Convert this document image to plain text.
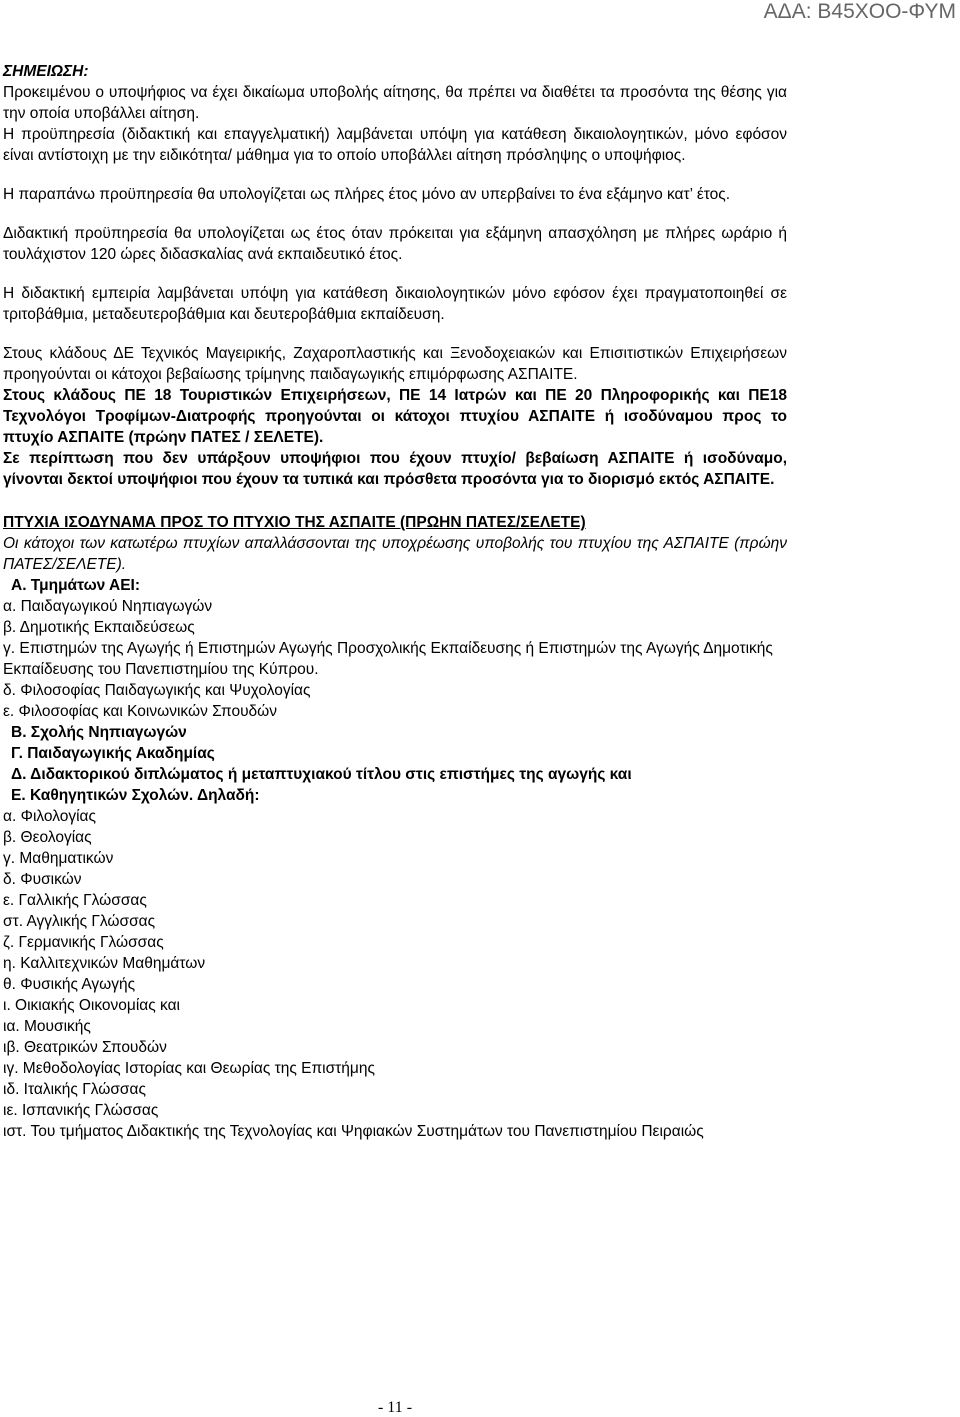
ΑΔΑ: Β45ΧΟΟ-ΦΥΜ

ΣΗΜΕΙΩΣΗ:

Προκειμένου ο υποψήφιος να έχει δικαίωμα υποβολής αίτησης, θα πρέπει να διαθέτει τα προσόντα της θέσης για την οποία υποβάλλει αίτηση.

Η προϋπηρεσία (διδακτική και επαγγελματική) λαμβάνεται υπόψη για κατάθεση δικαιολογητικών, μόνο εφόσον είναι αντίστοιχη με την ειδικότητα/ μάθημα για το οποίο υποβάλλει αίτηση πρόσληψης ο υποψήφιος.

Η παραπάνω προϋπηρεσία θα υπολογίζεται ως πλήρες έτος μόνο αν υπερβαίνει το ένα εξάμηνο κατ’ έτος.

Διδακτική προϋπηρεσία θα υπολογίζεται ως έτος όταν πρόκειται για εξάμηνη απασχόληση με πλήρες ωράριο ή τουλάχιστον 120 ώρες διδασκαλίας ανά εκπαιδευτικό έτος.

Η διδακτική εμπειρία λαμβάνεται υπόψη για κατάθεση δικαιολογητικών μόνο εφόσον έχει πραγματοποιηθεί σε τριτοβάθμια, μεταδευτεροβάθμια και δευτεροβάθμια εκπαίδευση.

Στους κλάδους ΔΕ Τεχνικός Μαγειρικής, Ζαχαροπλαστικής και Ξενοδοχειακών και Επισιτιστικών Επιχειρήσεων προηγούνται οι κάτοχοι βεβαίωσης τρίμηνης παιδαγωγικής επιμόρφωσης ΑΣΠΑΙΤΕ.

Στους κλάδους ΠΕ 18 Τουριστικών Επιχειρήσεων, ΠΕ 14 Ιατρών και ΠΕ 20 Πληροφορικής και ΠΕ18 Τεχνολόγοι Τροφίμων-Διατροφής προηγούνται οι κάτοχοι πτυχίου ΑΣΠΑΙΤΕ ή ισοδύναμου προς το πτυχίο ΑΣΠΑΙΤΕ (πρώην ΠΑΤΕΣ / ΣΕΛΕΤΕ).

Σε περίπτωση που δεν υπάρξουν υποψήφιοι που έχουν πτυχίο/ βεβαίωση ΑΣΠΑΙΤΕ ή ισοδύναμο, γίνονται δεκτοί υποψήφιοι που έχουν τα τυπικά και πρόσθετα προσόντα για το διορισμό εκτός ΑΣΠΑΙΤΕ.

ΠΤΥΧΙΑ ΙΣΟΔΥΝΑΜΑ ΠΡΟΣ ΤΟ ΠΤΥΧΙΟ ΤΗΣ ΑΣΠΑΙΤΕ (ΠΡΩΗΝ ΠΑΤΕΣ/ΣΕΛΕΤΕ)

Οι κάτοχοι των κατωτέρω πτυχίων απαλλάσσονται της υποχρέωσης υποβολής του πτυχίου της ΑΣΠΑΙΤΕ (πρώην ΠΑΤΕΣ/ΣΕΛΕΤΕ).

Α. Τμημάτων ΑΕΙ:

α. Παιδαγωγικού Νηπιαγωγών
β. Δημοτικής Εκπαιδεύσεως
γ. Επιστημών της Αγωγής ή Επιστημών Αγωγής Προσχολικής Εκπαίδευσης ή Επιστημών της Αγωγής Δημοτικής Εκπαίδευσης του Πανεπιστημίου της Κύπρου.
δ. Φιλοσοφίας Παιδαγωγικής και Ψυχολογίας
ε. Φιλοσοφίας και Κοινωνικών Σπουδών

Β. Σχολής Νηπιαγωγών

Γ. Παιδαγωγικής Ακαδημίας

Δ. Διδακτορικού διπλώματος ή μεταπτυχιακού τίτλου στις επιστήμες της αγωγής και

Ε. Καθηγητικών Σχολών. Δηλαδή:

α. Φιλολογίας
β. Θεολογίας
γ. Μαθηματικών
δ. Φυσικών
ε. Γαλλικής Γλώσσας
στ. Αγγλικής Γλώσσας
ζ. Γερμανικής Γλώσσας
η. Καλλιτεχνικών Μαθημάτων
θ. Φυσικής Αγωγής
ι. Οικιακής Οικονομίας και
ια. Μουσικής
ιβ. Θεατρικών Σπουδών
ιγ. Μεθοδολογίας Ιστορίας και Θεωρίας της Επιστήμης
ιδ. Ιταλικής Γλώσσας
ιε. Ισπανικής Γλώσσας
ιστ. Του τμήματος Διδακτικής της Τεχνολογίας και Ψηφιακών Συστημάτων του Πανεπιστημίου Πειραιώς
- 11 -
